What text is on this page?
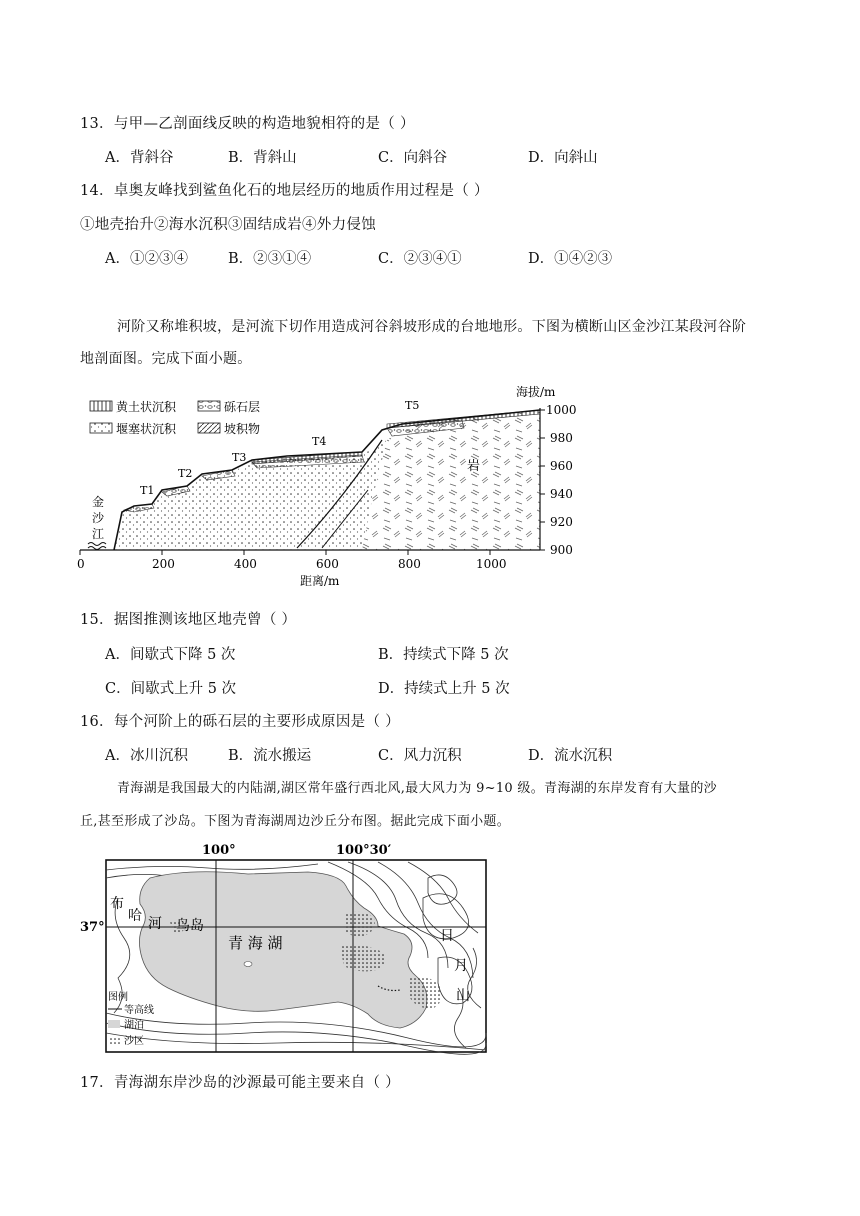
13．与甲—乙剖面线反映的构造地貌相符的是（ ）
A．背斜谷	B．背斜山	C．向斜谷	D．向斜山
14．卓奥友峰找到鲨鱼化石的地层经历的地质作用过程是（ ）
①地壳抬升②海水沉积③固结成岩④外力侵蚀
A．①②③④	B．②③①④	C．②③④①	D．①④②③
河阶又称堆积坡，是河流下切作用造成河谷斜坡形成的台地地形。下图为横断山区金沙江某段河谷阶
地剖面图。完成下面小题。
黄土状沉积	砾石层
堰塞状沉积	坡积物
T1
T2
T3
T4
T5
金
沙
江
岩
海拔/m
1000
980
960
940
920
900
0	200	400	600	800	1000
距离/m
15．据图推测该地区地壳曾（ ）
A．间歇式下降 5 次	B．持续式下降 5 次
C．间歇式上升 5 次	D．持续式上升 5 次
16．每个河阶上的砾石层的主要形成原因是（ ）
A．冰川沉积	B．流水搬运	C．风力沉积	D．流水沉积
青海湖是我国最大的内陆湖,湖区常年盛行西北风,最大风力为 9~10 级。青海湖的东岸发育有大量的沙
丘,甚至形成了沙岛。下图为青海湖周边沙丘分布图。据此完成下面小题。
100°	100°30′
37°
布
哈 河 鸟岛
青 海 湖	日
月
山
图例
等高线
湖泊
沙区
17．青海湖东岸沙岛的沙源最可能主要来自（ ）
